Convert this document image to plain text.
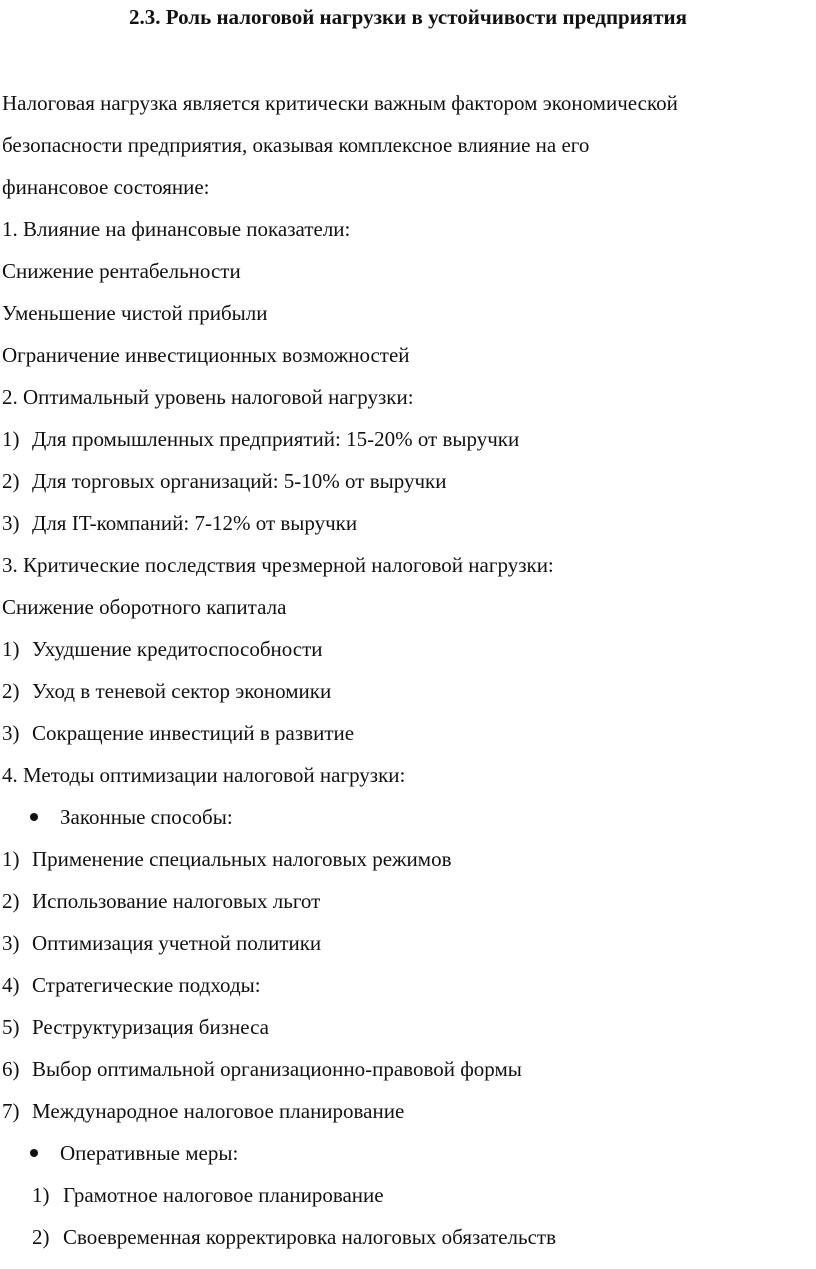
2.3. Роль налоговой нагрузки в устойчивости предприятия
Налоговая нагрузка является критически важным фактором экономической
безопасности предприятия, оказывая комплексное влияние на его
финансовое состояние:
1. Влияние на финансовые показатели:
Снижение рентабельности
Уменьшение чистой прибыли
Ограничение инвестиционных возможностей
2. Оптимальный уровень налоговой нагрузки:
1) Для промышленных предприятий: 15-20% от выручки
2) Для торговых организаций: 5-10% от выручки
3) Для IT-компаний: 7-12% от выручки
3. Критические последствия чрезмерной налоговой нагрузки:
Снижение оборотного капитала
1) Ухудшение кредитоспособности
2) Уход в теневой сектор экономики
3) Сокращение инвестиций в развитие
4. Методы оптимизации налоговой нагрузки:
Законные способы:
1) Применение специальных налоговых режимов
2) Использование налоговых льгот
3) Оптимизация учетной политики
4) Стратегические подходы:
5) Реструктуризация бизнеса
6) Выбор оптимальной организационно-правовой формы
7) Международное налоговое планирование
Оперативные меры:
1) Грамотное налоговое планирование
2) Своевременная корректировка налоговых обязательств
